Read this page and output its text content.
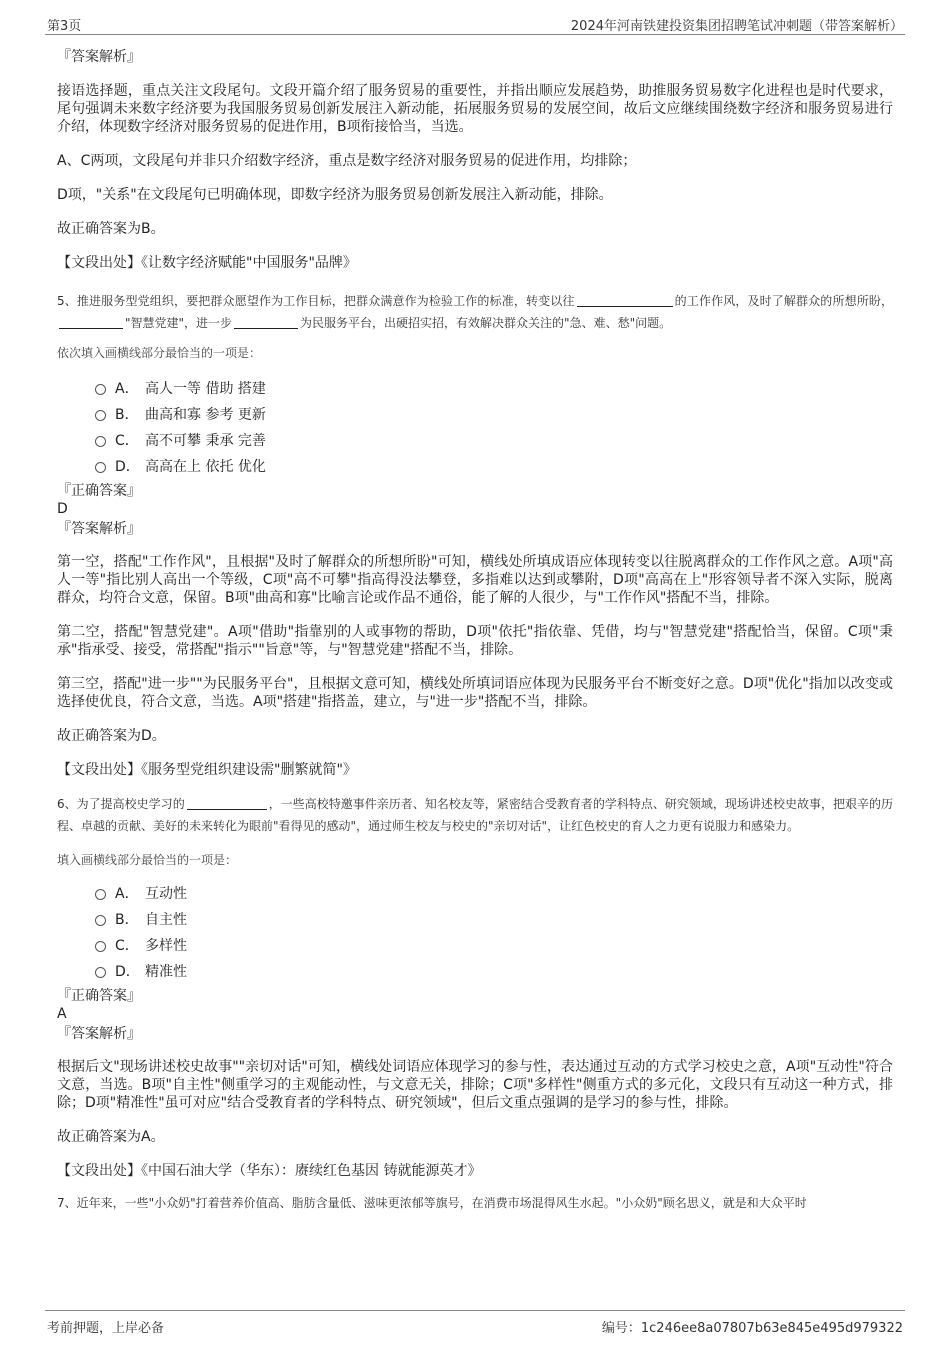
第3页	2024年河南铁建投资集团招聘笔试冲刺题（带答案解析）

『答案解析』

接语选择题，重点关注文段尾句。文段开篇介绍了服务贸易的重要性，并指出顺应发展趋势，助推服务贸易数字化进程也是时代要求，尾句强调未来数字经济要为我国服务贸易创新发展注入新动能，拓展服务贸易的发展空间，故后文应继续围绕数字经济和服务贸易进行介绍，体现数字经济对服务贸易的促进作用，B项衔接恰当，当选。

A、C两项，文段尾句并非只介绍数字经济，重点是数字经济对服务贸易的促进作用，均排除；

D项，"关系"在文段尾句已明确体现，即数字经济为服务贸易创新发展注入新动能，排除。

故正确答案为B。

【文段出处】《让数字经济赋能"中国服务"品牌》

5、推进服务型党组织，要把群众愿望作为工作目标，把群众满意作为检验工作的标准，转变以往	的工作作风，及时了解群众的所想所盼，"智慧党建"，进一步	为民服务平台，出硬招实招，有效解决群众关注的"急、难、愁"问题。

依次填入画横线部分最恰当的一项是：

A． 高人一等 借助 搭建
B． 曲高和寡 参考 更新
C． 高不可攀 秉承 完善
D． 高高在上 依托 优化

『正确答案』

D

『答案解析』

第一空，搭配"工作作风"，且根据"及时了解群众的所想所盼"可知，横线处所填成语应体现转变以往脱离群众的工作作风之意。A项"高人一等"指比别人高出一个等级，C项"高不可攀"指高得没法攀登，多指难以达到或攀附，D项"高高在上"形容领导者不深入实际，脱离群众，均符合文意，保留。B项"曲高和寡"比喻言论或作品不通俗，能了解的人很少，与"工作作风"搭配不当，排除。

第二空，搭配"智慧党建"。A项"借助"指靠别的人或事物的帮助，D项"依托"指依靠、凭借，均与"智慧党建"搭配恰当，保留。C项"秉承"指承受、接受，常搭配"指示""旨意"等，与"智慧党建"搭配不当，排除。

第三空，搭配"进一步""为民服务平台"，且根据文意可知，横线处所填词语应体现为民服务平台不断变好之意。D项"优化"指加以改变或选择使优良，符合文意，当选。A项"搭建"指搭盖，建立，与"进一步"搭配不当，排除。

故正确答案为D。

【文段出处】《服务型党组织建设需"删繁就简"》

6、为了提高校史学习的	，一些高校特邀事件亲历者、知名校友等，紧密结合受教育者的学科特点、研究领域，现场讲述校史故事，把艰辛的历程、卓越的贡献、美好的未来转化为眼前"看得见的感动"，通过师生校友与校史的"亲切对话"，让红色校史的育人之力更有说服力和感染力。

填入画横线部分最恰当的一项是：

A． 互动性
B． 自主性
C． 多样性
D． 精准性

『正确答案』

A

『答案解析』

根据后文"现场讲述校史故事""亲切对话"可知，横线处词语应体现学习的参与性，表达通过互动的方式学习校史之意，A项"互动性"符合文意，当选。B项"自主性"侧重学习的主观能动性，与文意无关，排除；C项"多样性"侧重方式的多元化，文段只有互动这一种方式，排除；D项"精准性"虽可对应"结合受教育者的学科特点、研究领域"，但后文重点强调的是学习的参与性，排除。

故正确答案为A。

【文段出处】《中国石油大学（华东）：赓续红色基因 铸就能源英才》

7、近年来，一些"小众奶"打着营养价值高、脂肪含量低、滋味更浓郁等旗号，在消费市场混得风生水起。"小众奶"顾名思义，就是和大众平时

考前押题，上岸必备	编号：1c246ee8a07807b63e845e495d979322
